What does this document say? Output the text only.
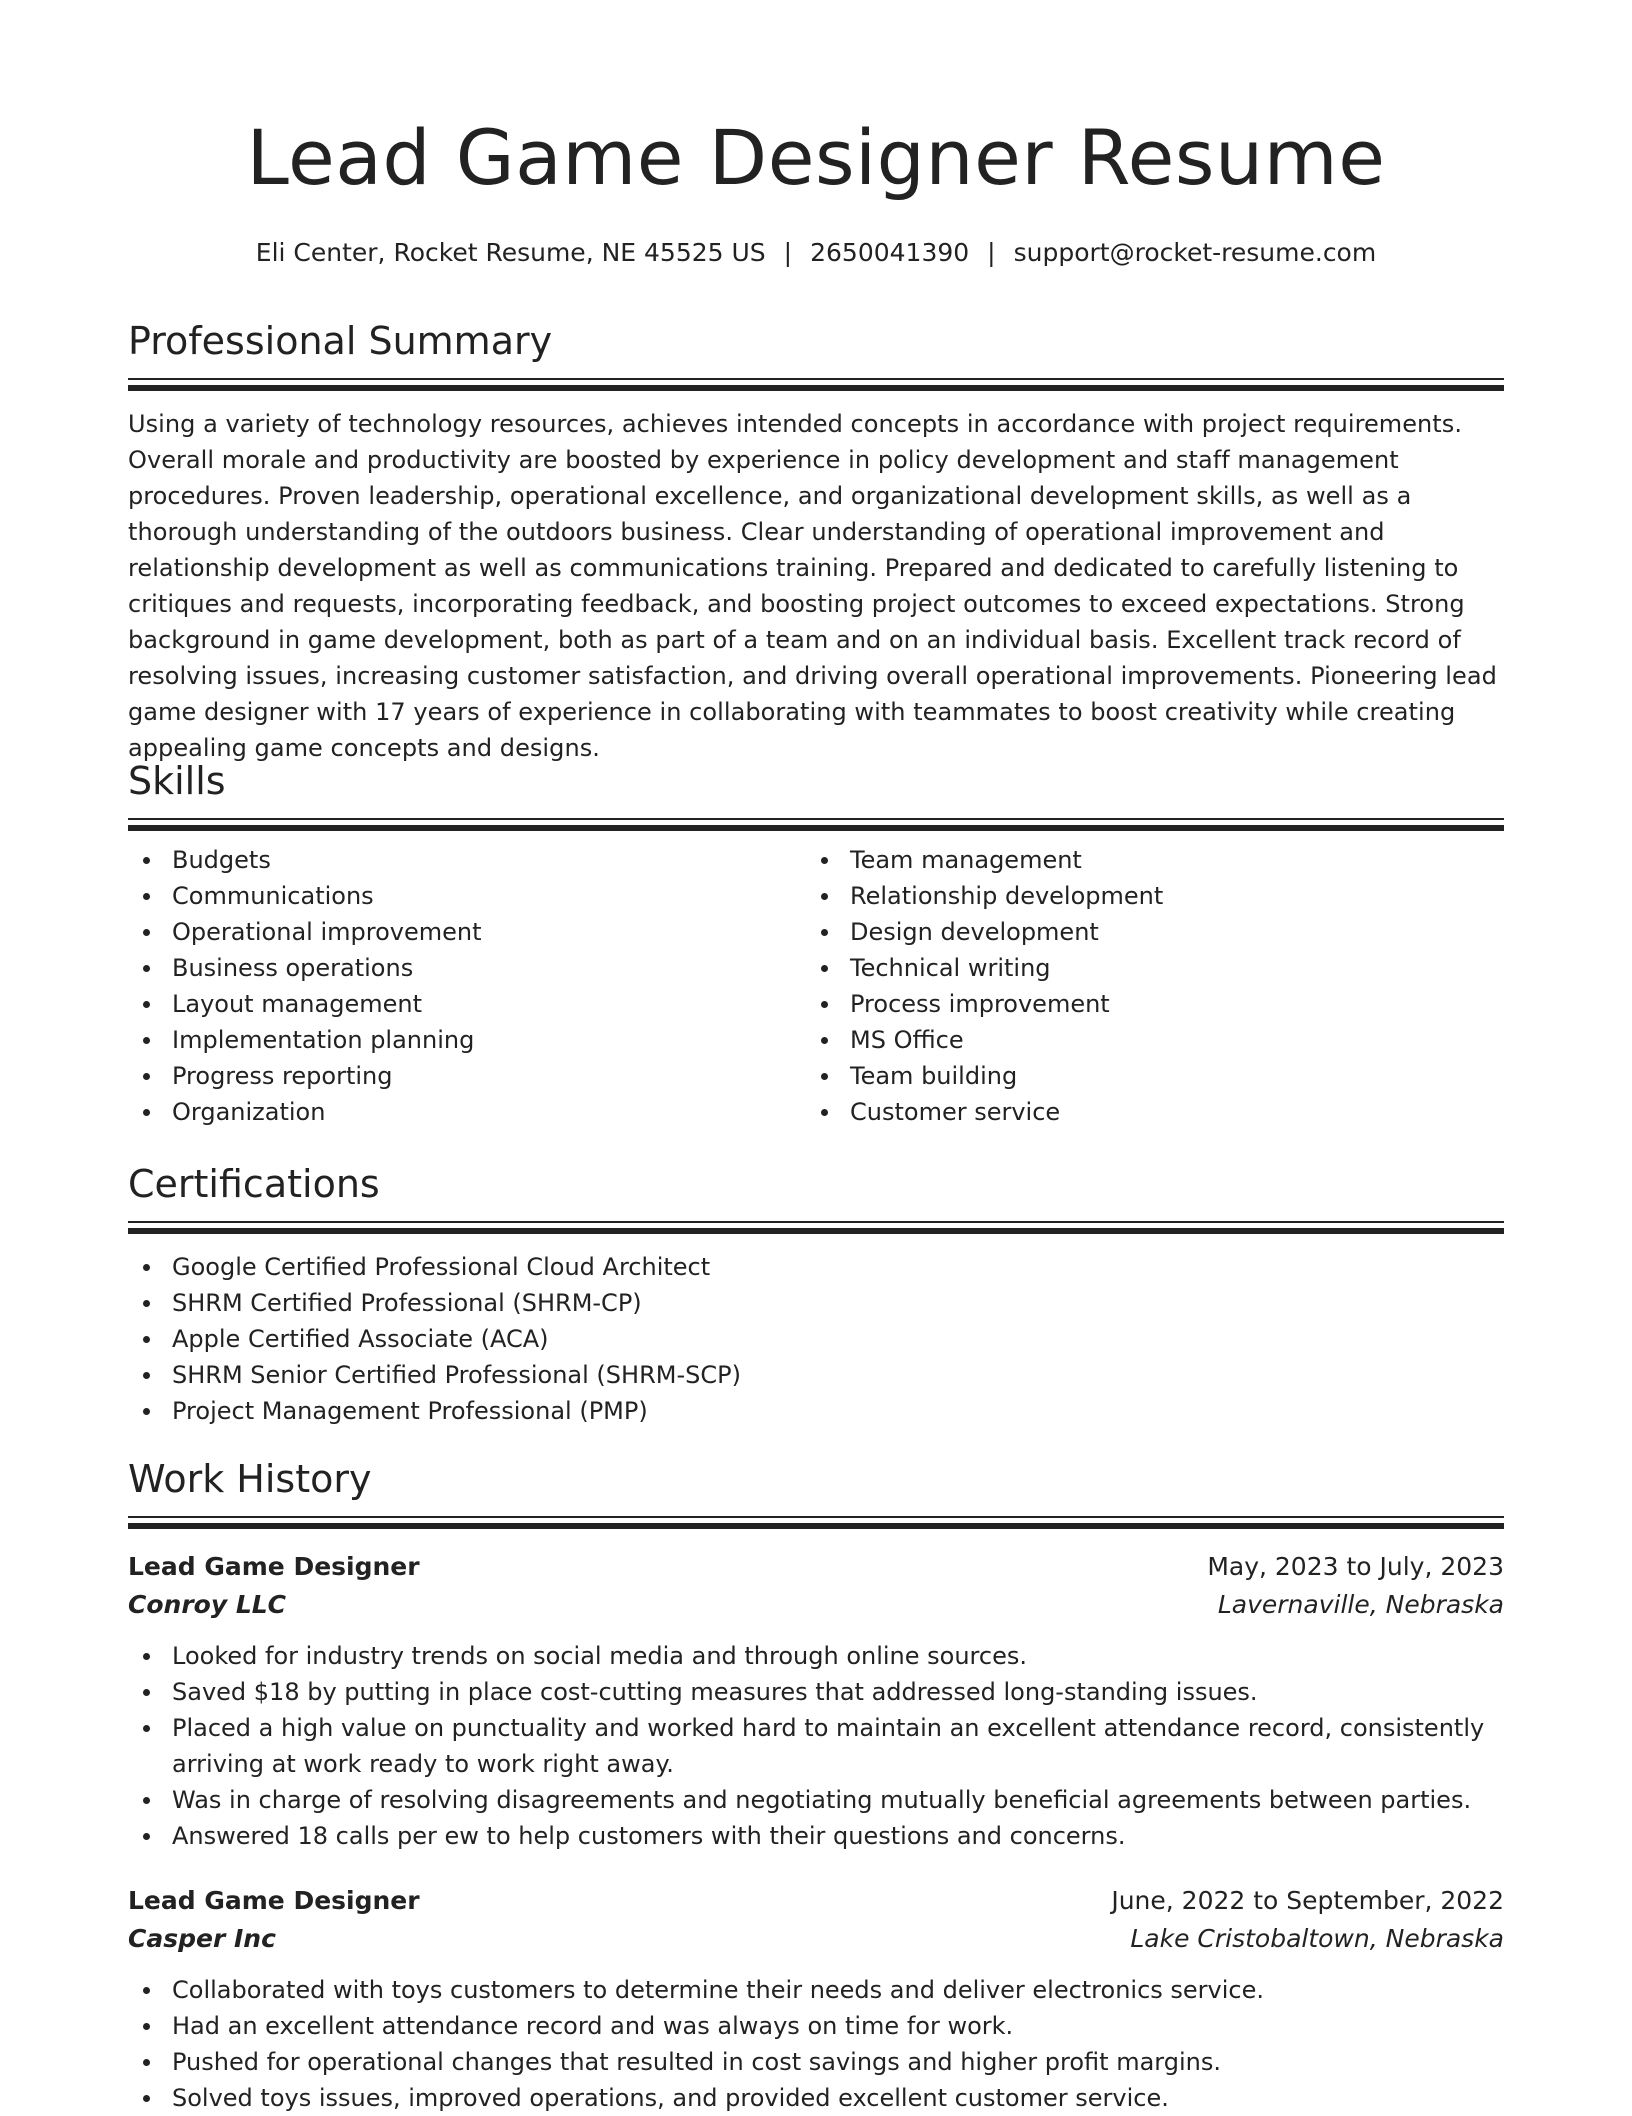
Lead Game Designer Resume
Eli Center, Rocket Resume, NE 45525 US | 2650041390 | support@rocket-resume.com
Professional Summary

Using a variety of technology resources, achieves intended concepts in accordance with project requirements. Overall morale and productivity are boosted by experience in policy development and staff management procedures. Proven leadership, operational excellence, and organizational development skills, as well as a thorough understanding of the outdoors business. Clear understanding of operational improvement and relationship development as well as communications training. Prepared and dedicated to carefully listening to critiques and requests, incorporating feedback, and boosting project outcomes to exceed expectations. Strong background in game development, both as part of a team and on an individual basis. Excellent track record of resolving issues, increasing customer satisfaction, and driving overall operational improvements. Pioneering lead game designer with 17 years of experience in collaborating with teammates to boost creativity while creating appealing game concepts and designs.

Skills
Budgets
Communications
Operational improvement
Business operations
Layout management
Implementation planning
Progress reporting
Organization
Team management
Relationship development
Design development
Technical writing
Process improvement
MS Office
Team building
Customer service
Certifications
Google Certified Professional Cloud Architect
SHRM Certified Professional (SHRM-CP)
Apple Certified Associate (ACA)
SHRM Senior Certified Professional (SHRM-SCP)
Project Management Professional (PMP)
Work History
Lead Game Designer	May, 2023 to July, 2023
Conroy LLC	Lavernaville, Nebraska
Looked for industry trends on social media and through online sources.
Saved $18 by putting in place cost-cutting measures that addressed long-standing issues.
Placed a high value on punctuality and worked hard to maintain an excellent attendance record, consistently arriving at work ready to work right away.
Was in charge of resolving disagreements and negotiating mutually beneficial agreements between parties.
Answered 18 calls per ew to help customers with their questions and concerns.
Lead Game Designer	June, 2022 to September, 2022
Casper Inc	Lake Cristobaltown, Nebraska
Collaborated with toys customers to determine their needs and deliver electronics service.
Had an excellent attendance record and was always on time for work.
Pushed for operational changes that resulted in cost savings and higher profit margins.
Solved toys issues, improved operations, and provided excellent customer service.
